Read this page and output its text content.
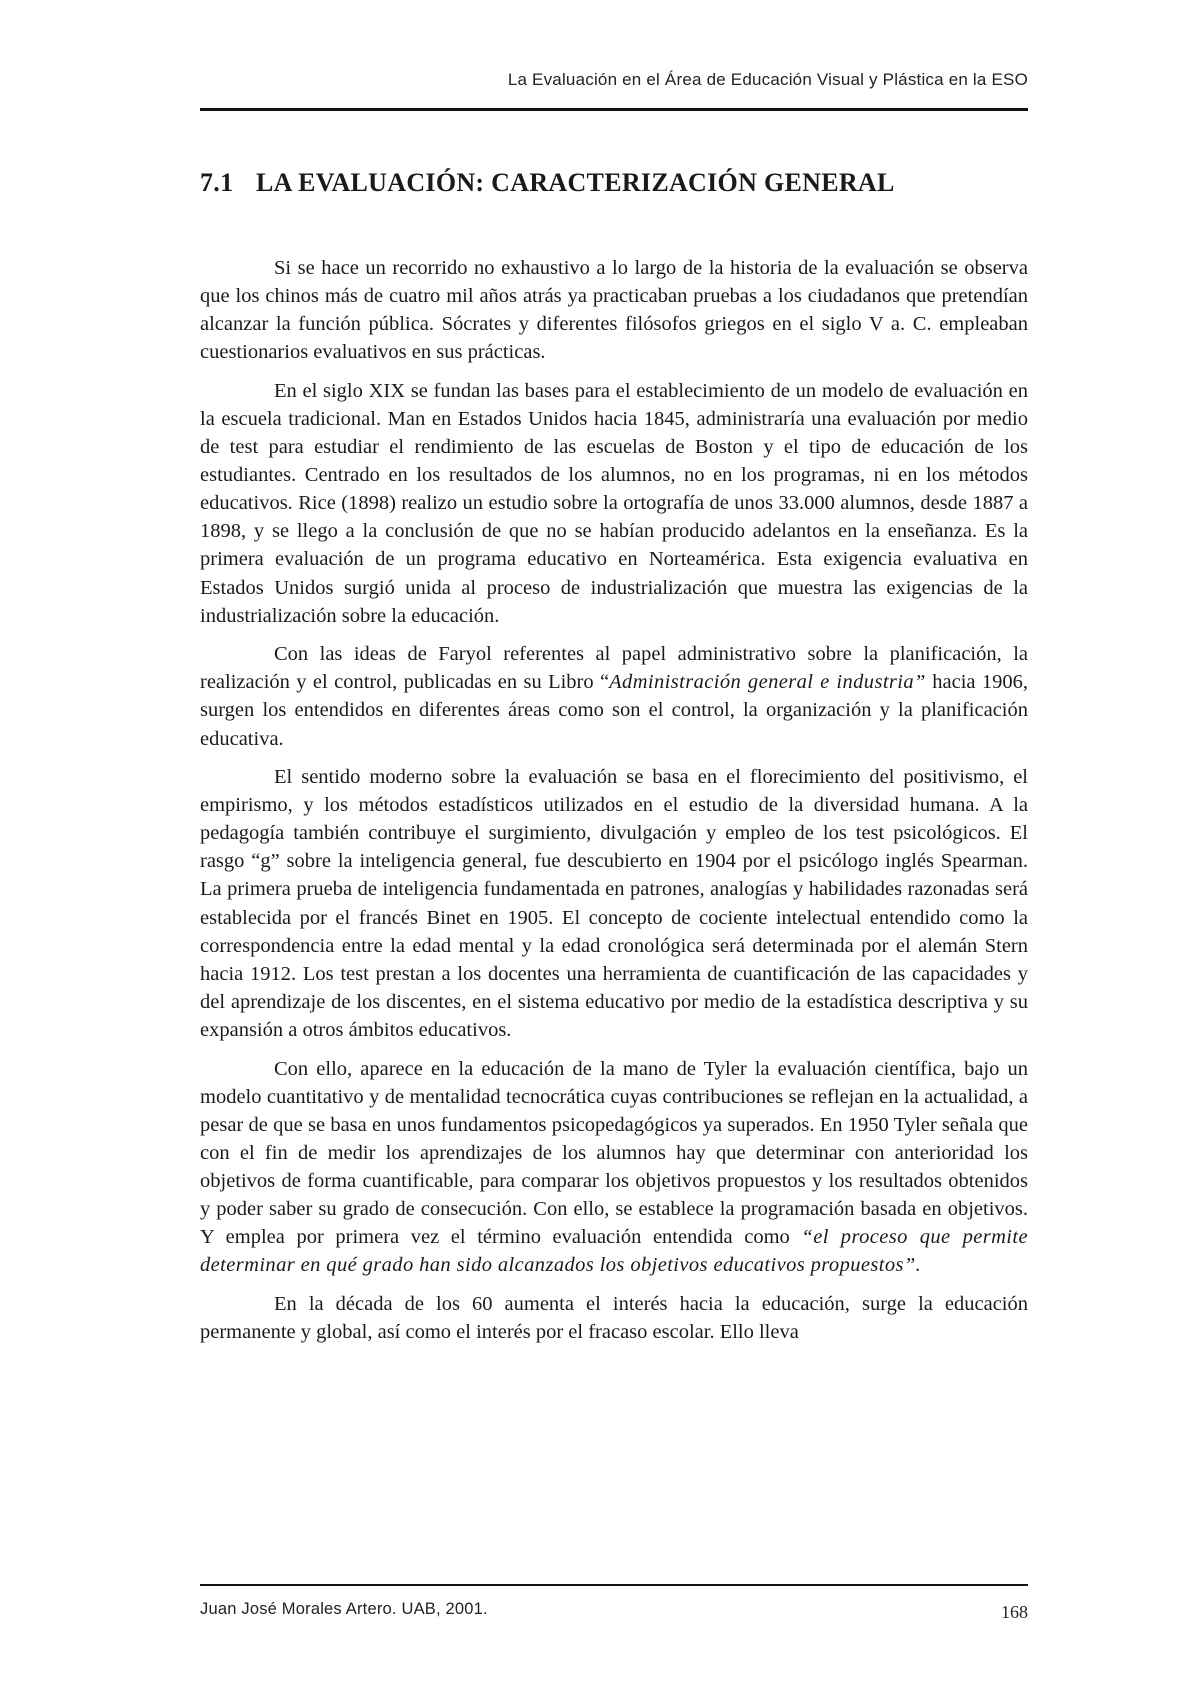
La Evaluación en el Área de Educación Visual y Plástica en la ESO
7.1 LA EVALUACIÓN: CARACTERIZACIÓN GENERAL

Si se hace un recorrido no exhaustivo a lo largo de la historia de la evaluación se observa que los chinos más de cuatro mil años atrás ya practicaban pruebas a los ciudadanos que pretendían alcanzar la función pública. Sócrates y diferentes filósofos griegos en el siglo V a. C. empleaban cuestionarios evaluativos en sus prácticas.

En el siglo XIX se fundan las bases para el establecimiento de un modelo de evaluación en la escuela tradicional. Man en Estados Unidos hacia 1845, administraría una evaluación por medio de test para estudiar el rendimiento de las escuelas de Boston y el tipo de educación de los estudiantes. Centrado en los resultados de los alumnos, no en los programas, ni en los métodos educativos. Rice (1898) realizo un estudio sobre la ortografía de unos 33.000 alumnos, desde 1887 a 1898, y se llego a la conclusión de que no se habían producido adelantos en la enseñanza. Es la primera evaluación de un programa educativo en Norteamérica. Esta exigencia evaluativa en Estados Unidos surgió unida al proceso de industrialización que muestra las exigencias de la industrialización sobre la educación.

Con las ideas de Faryol referentes al papel administrativo sobre la planificación, la realización y el control, publicadas en su Libro “Administración general e industria” hacia 1906, surgen los entendidos en diferentes áreas como son el control, la organización y la planificación educativa.

El sentido moderno sobre la evaluación se basa en el florecimiento del positivismo, el empirismo, y los métodos estadísticos utilizados en el estudio de la diversidad humana. A la pedagogía también contribuye el surgimiento, divulgación y empleo de los test psicológicos. El rasgo “g” sobre la inteligencia general, fue descubierto en 1904 por el psicólogo inglés Spearman. La primera prueba de inteligencia fundamentada en patrones, analogías y habilidades razonadas será establecida por el francés Binet en 1905. El concepto de cociente intelectual entendido como la correspondencia entre la edad mental y la edad cronológica será determinada por el alemán Stern hacia 1912. Los test prestan a los docentes una herramienta de cuantificación de las capacidades y del aprendizaje de los discentes, en el sistema educativo por medio de la estadística descriptiva y su expansión a otros ámbitos educativos.

Con ello, aparece en la educación de la mano de Tyler la evaluación científica, bajo un modelo cuantitativo y de mentalidad tecnocrática cuyas contribuciones se reflejan en la actualidad, a pesar de que se basa en unos fundamentos psicopedagógicos ya superados. En 1950 Tyler señala que con el fin de medir los aprendizajes de los alumnos hay que determinar con anterioridad los objetivos de forma cuantificable, para comparar los objetivos propuestos y los resultados obtenidos y poder saber su grado de consecución. Con ello, se establece la programación basada en objetivos. Y emplea por primera vez el término evaluación entendida como “el proceso que permite determinar en qué grado han sido alcanzados los objetivos educativos propuestos”.

En la década de los 60 aumenta el interés hacia la educación, surge la educación permanente y global, así como el interés por el fracaso escolar. Ello lleva

Juan José Morales Artero. UAB, 2001.	168
